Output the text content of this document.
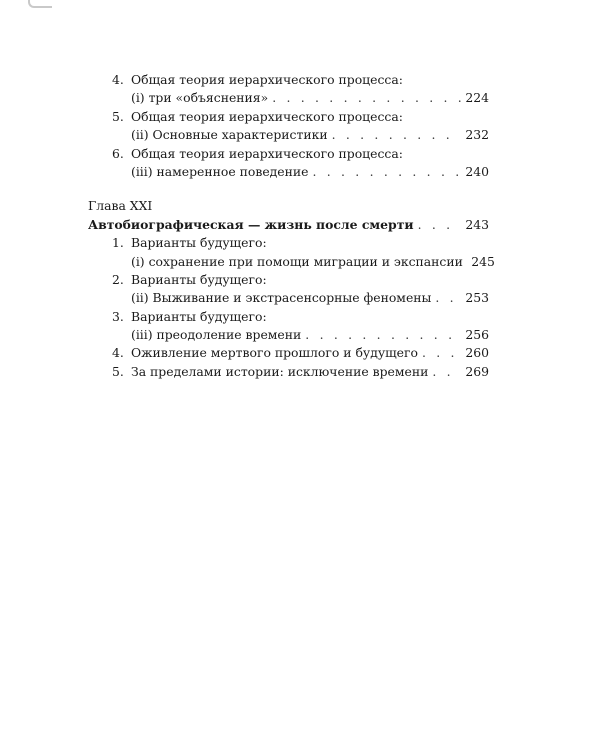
4. Общая теория иерархического процесса:
(i) три «объяснения» . . .	224
5. Общая теория иерархического процесса:
(ii) Основные характеристики . . .	232
6. Общая теория иерархического процесса:
(iii) намеренное поведение . . .	240
Глава XXI
Автобиографическая — жизнь после смерти . . .	243
1. Варианты будущего:
(i) сохранение при помощи миграции и экспансии 245
2. Варианты будущего:
(ii) Выживание и экстрасенсорные феномены . . .	253
3. Варианты будущего:
(iii) преодоление времени . . .	256
4. Оживление мертвого прошлого и будущего . . .	260
5. За пределами истории: исключение времени . . .	269
